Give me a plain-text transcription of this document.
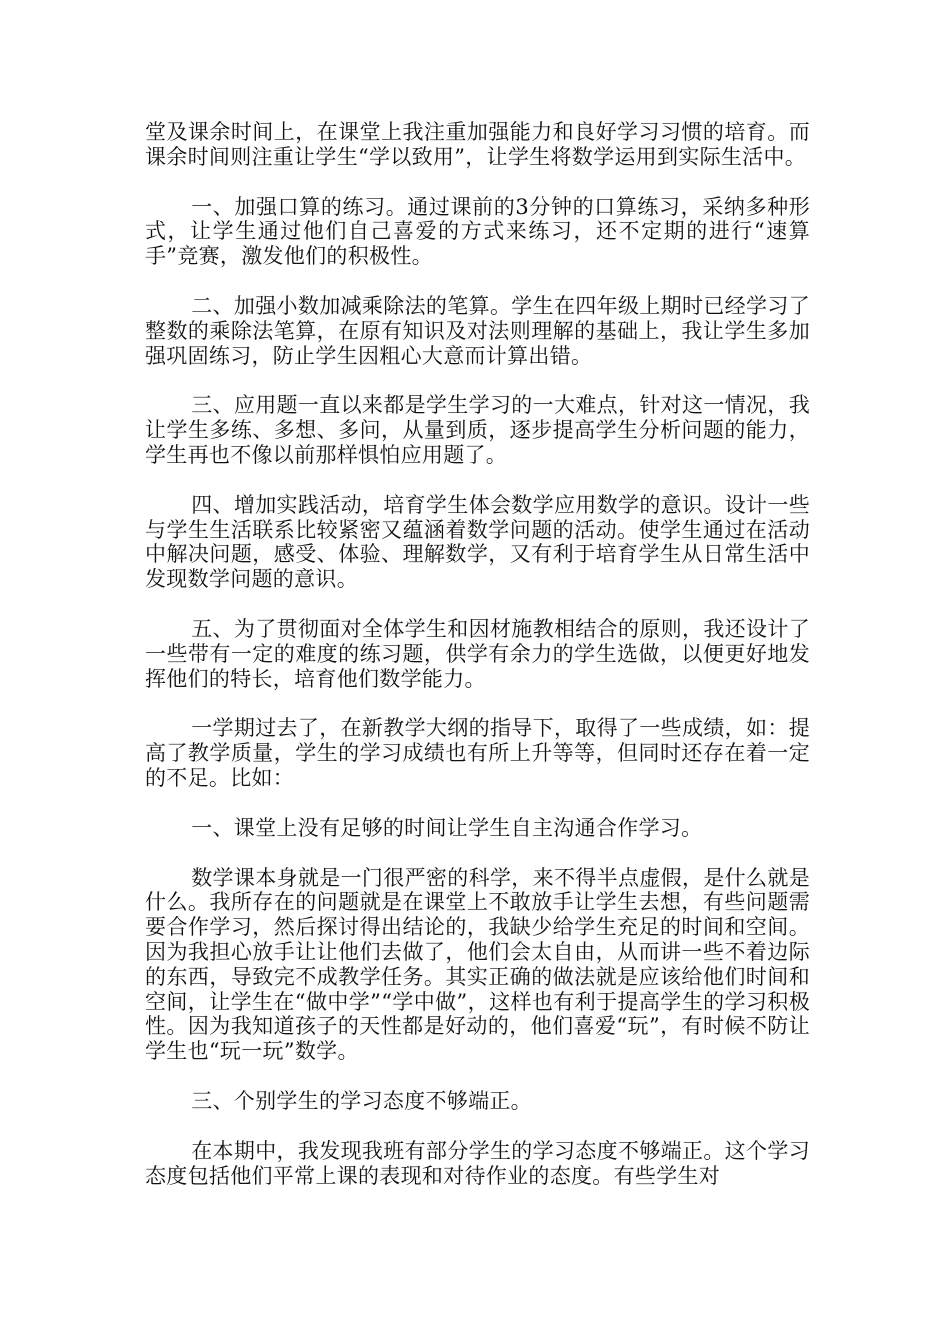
堂及课余时间上，在课堂上我注重加强能力和良好学习习惯的培育。而课余时间则注重让学生“学以致用”，让学生将数学运用到实际生活中。

一、加强口算的练习。通过课前的3分钟的口算练习，采纳多种形式，让学生通过他们自己喜爱的方式来练习，还不定期的进行“速算手”竞赛，激发他们的积极性。

二、加强小数加减乘除法的笔算。学生在四年级上期时已经学习了整数的乘除法笔算，在原有知识及对法则理解的基础上，我让学生多加强巩固练习，防止学生因粗心大意而计算出错。

三、应用题一直以来都是学生学习的一大难点，针对这一情况，我让学生多练、多想、多问，从量到质，逐步提高学生分析问题的能力，学生再也不像以前那样惧怕应用题了。

四、增加实践活动，培育学生体会数学应用数学的意识。设计一些与学生生活联系比较紧密又蕴涵着数学问题的活动。使学生通过在活动中解决问题，感受、体验、理解数学，又有利于培育学生从日常生活中发现数学问题的意识。

五、为了贯彻面对全体学生和因材施教相结合的原则，我还设计了一些带有一定的难度的练习题，供学有余力的学生选做，以便更好地发挥他们的特长，培育他们数学能力。

一学期过去了，在新教学大纲的指导下，取得了一些成绩，如：提高了教学质量，学生的学习成绩也有所上升等等，但同时还存在着一定的不足。比如：

一、课堂上没有足够的时间让学生自主沟通合作学习。

数学课本身就是一门很严密的科学，来不得半点虚假，是什么就是什么。我所存在的问题就是在课堂上不敢放手让学生去想，有些问题需要合作学习，然后探讨得出结论的，我缺少给学生充足的时间和空间。因为我担心放手让让他们去做了，他们会太自由，从而讲一些不着边际的东西，导致完不成教学任务。其实正确的做法就是应该给他们时间和空间，让学生在“做中学”“学中做”，这样也有利于提高学生的学习积极性。因为我知道孩子的天性都是好动的，他们喜爱“玩”，有时候不防让学生也“玩一玩”数学。

三、个别学生的学习态度不够端正。

在本期中，我发现我班有部分学生的学习态度不够端正。这个学习态度包括他们平常上课的表现和对待作业的态度。有些学生对
